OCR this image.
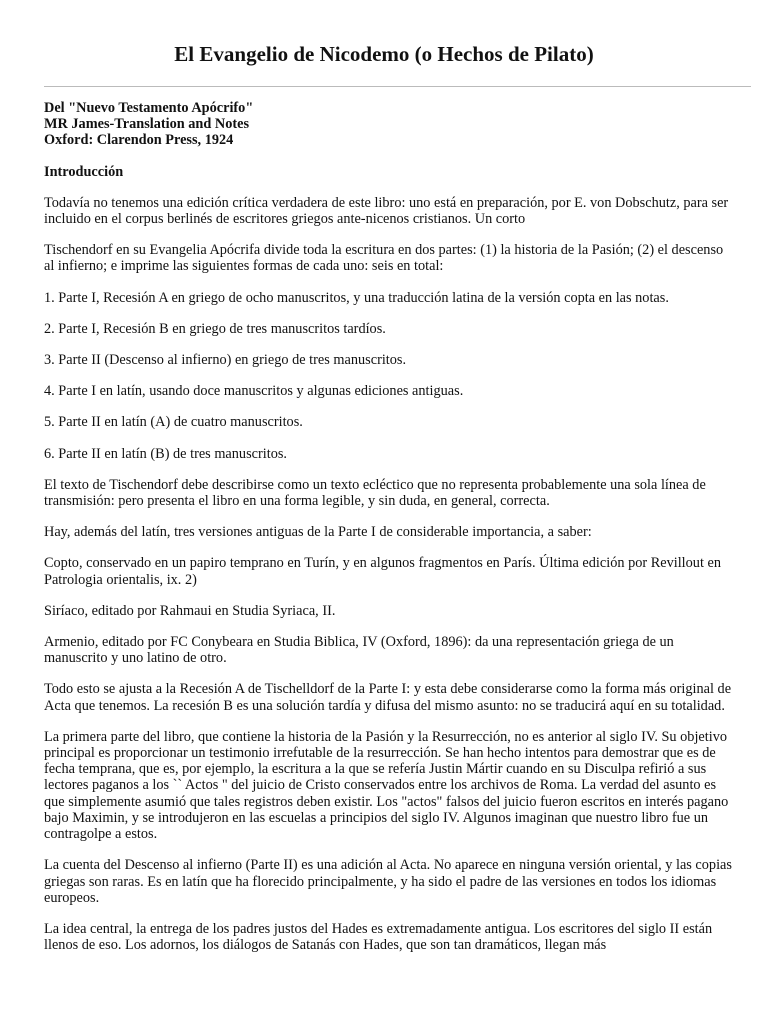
El Evangelio de Nicodemo (o Hechos de Pilato)
Del "Nuevo Testamento Apócrifo"
MR James-Translation and Notes
Oxford: Clarendon Press, 1924

Introducción

Todavía no tenemos una edición crítica verdadera de este libro: uno está en preparación, por E. von Dobschutz, para ser incluido en el corpus berlinés de escritores griegos ante-nicenos cristianos. Un corto

Tischendorf en su Evangelia Apócrifa divide toda la escritura en dos partes: (1) la historia de la Pasión; (2) el descenso al infierno; e imprime las siguientes formas de cada uno: seis en total:

1. Parte I, Recesión A en griego de ocho manuscritos, y una traducción latina de la versión copta en las notas.

2. Parte I, Recesión B en griego de tres manuscritos tardíos.

3. Parte II (Descenso al infierno) en griego de tres manuscritos.

4. Parte I en latín, usando doce manuscritos y algunas ediciones antiguas.

5. Parte II en latín (A) de cuatro manuscritos.

6. Parte II en latín (B) de tres manuscritos.

El texto de Tischendorf debe describirse como un texto ecléctico que no representa probablemente una sola línea de transmisión: pero presenta el libro en una forma legible, y sin duda, en general, correcta.

Hay, además del latín, tres versiones antiguas de la Parte I de considerable importancia, a saber:

Copto, conservado en un papiro temprano en Turín, y en algunos fragmentos en París. Última edición por Revillout en Patrologia orientalis, ix. 2)

Siríaco, editado por Rahmaui en Studia Syriaca, II.

Armenio, editado por FC Conybeara en Studia Biblica, IV (Oxford, 1896): da una representación griega de un manuscrito y uno latino de otro.

Todo esto se ajusta a la Recesión A de Tischelldorf de la Parte I: y esta debe considerarse como la forma más original de Acta que tenemos. La recesión B es una solución tardía y difusa del mismo asunto: no se traducirá aquí en su totalidad.

La primera parte del libro, que contiene la historia de la Pasión y la Resurrección, no es anterior al siglo IV. Su objetivo principal es proporcionar un testimonio irrefutable de la resurrección. Se han hecho intentos para demostrar que es de fecha temprana, que es, por ejemplo, la escritura a la que se refería Justin Mártir cuando en su Disculpa refirió a sus lectores paganos a los `` Actos " del juicio de Cristo conservados entre los archivos de Roma. La verdad del asunto es que simplemente asumió que tales registros deben existir. Los "actos" falsos del juicio fueron escritos en interés pagano bajo Maximin, y se introdujeron en las escuelas a principios del siglo IV. Algunos imaginan que nuestro libro fue un contragolpe a estos.

La cuenta del Descenso al infierno (Parte II) es una adición al Acta. No aparece en ninguna versión oriental, y las copias griegas son raras. Es en latín que ha florecido principalmente, y ha sido el padre de las versiones en todos los idiomas europeos.

La idea central, la entrega de los padres justos del Hades es extremadamente antigua. Los escritores del siglo II están llenos de eso. Los adornos, los diálogos de Satanás con Hades, que son tan dramáticos, llegan más
